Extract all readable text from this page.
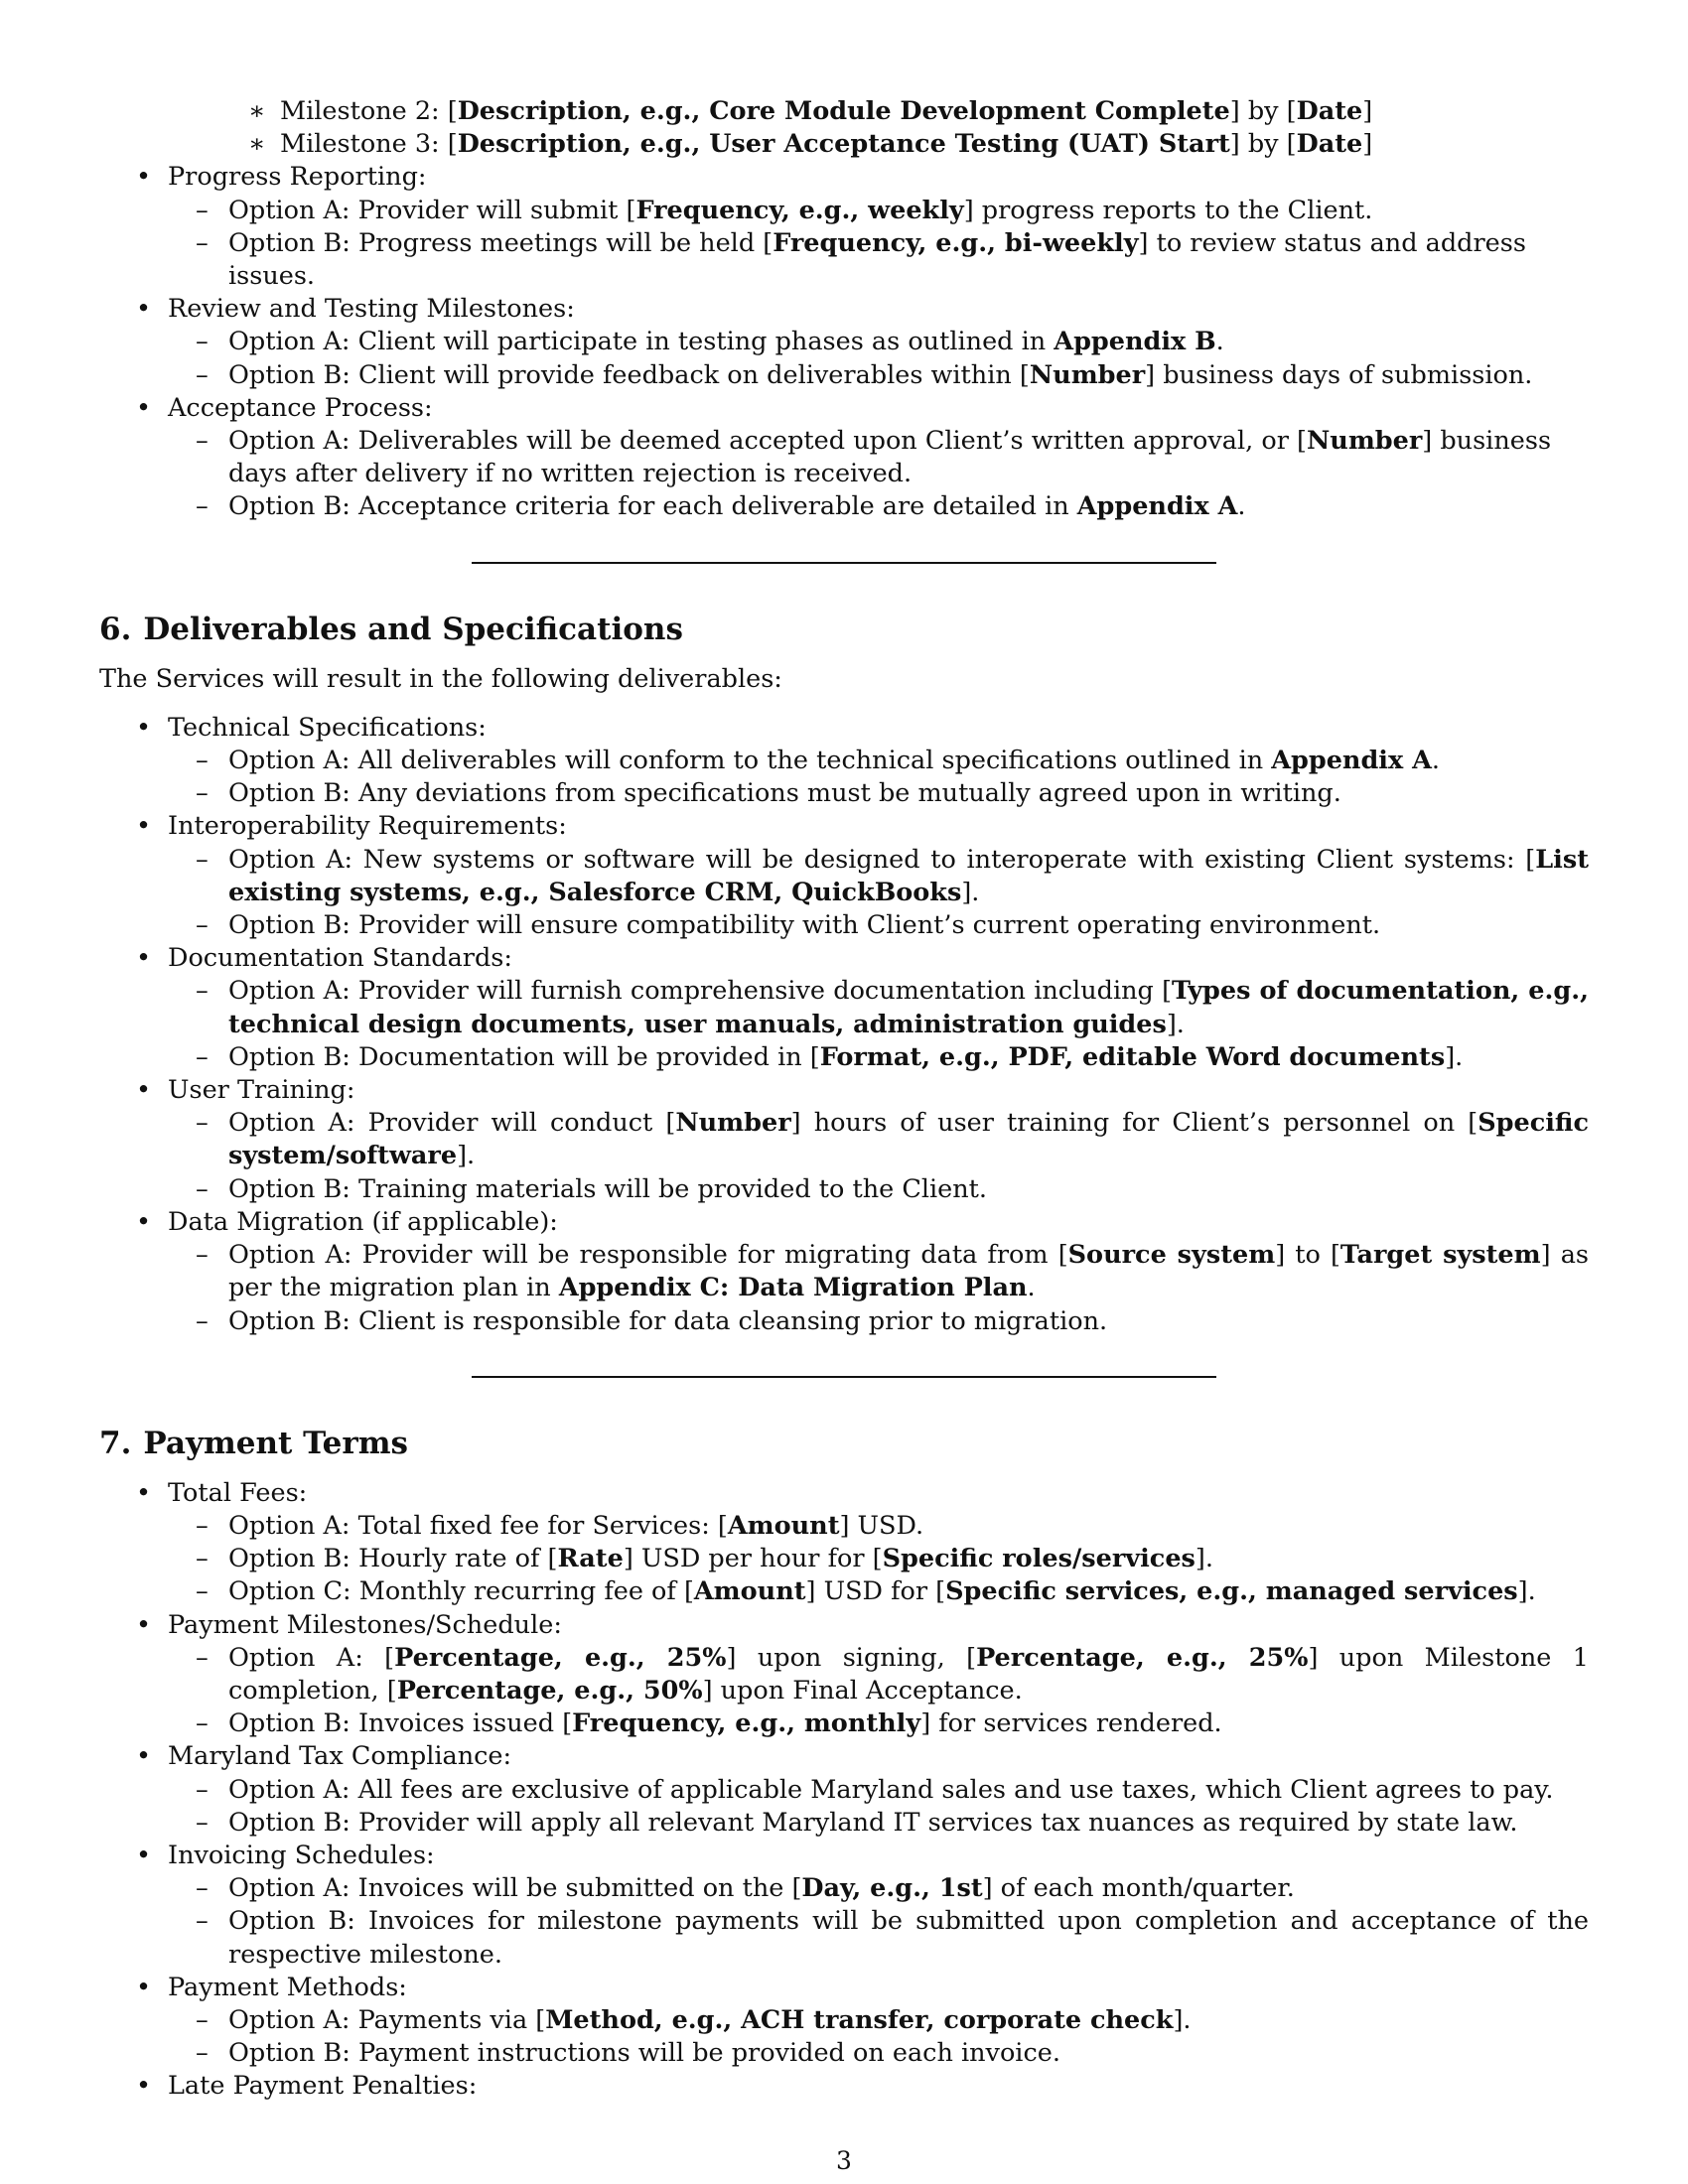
∗ Milestone 2: [Description, e.g., Core Module Development Complete] by [Date]
∗ Milestone 3: [Description, e.g., User Acceptance Testing (UAT) Start] by [Date]
• Progress Reporting:
– Option A: Provider will submit [Frequency, e.g., weekly] progress reports to the Client.
– Option B: Progress meetings will be held [Frequency, e.g., bi-weekly] to review status and address issues.
• Review and Testing Milestones:
– Option A: Client will participate in testing phases as outlined in Appendix B.
– Option B: Client will provide feedback on deliverables within [Number] business days of submission.
• Acceptance Process:
– Option A: Deliverables will be deemed accepted upon Client’s written approval, or [Number] business days after delivery if no written rejection is received.
– Option B: Acceptance criteria for each deliverable are detailed in Appendix A.
6. Deliverables and Specifications
The Services will result in the following deliverables:
• Technical Specifications:
– Option A: All deliverables will conform to the technical specifications outlined in Appendix A.
– Option B: Any deviations from specifications must be mutually agreed upon in writing.
• Interoperability Requirements:
– Option A: New systems or software will be designed to interoperate with existing Client systems: [List existing systems, e.g., Salesforce CRM, QuickBooks].
– Option B: Provider will ensure compatibility with Client’s current operating environment.
• Documentation Standards:
– Option A: Provider will furnish comprehensive documentation including [Types of documentation, e.g., technical design documents, user manuals, administration guides].
– Option B: Documentation will be provided in [Format, e.g., PDF, editable Word documents].
• User Training:
– Option A: Provider will conduct [Number] hours of user training for Client’s personnel on [Specific system/software].
– Option B: Training materials will be provided to the Client.
• Data Migration (if applicable):
– Option A: Provider will be responsible for migrating data from [Source system] to [Target system] as per the migration plan in Appendix C: Data Migration Plan.
– Option B: Client is responsible for data cleansing prior to migration.
7. Payment Terms
• Total Fees:
– Option A: Total fixed fee for Services: [Amount] USD.
– Option B: Hourly rate of [Rate] USD per hour for [Specific roles/services].
– Option C: Monthly recurring fee of [Amount] USD for [Specific services, e.g., managed services].
• Payment Milestones/Schedule:
– Option A: [Percentage, e.g., 25%] upon signing, [Percentage, e.g., 25%] upon Milestone 1 completion, [Percentage, e.g., 50%] upon Final Acceptance.
– Option B: Invoices issued [Frequency, e.g., monthly] for services rendered.
• Maryland Tax Compliance:
– Option A: All fees are exclusive of applicable Maryland sales and use taxes, which Client agrees to pay.
– Option B: Provider will apply all relevant Maryland IT services tax nuances as required by state law.
• Invoicing Schedules:
– Option A: Invoices will be submitted on the [Day, e.g., 1st] of each month/quarter.
– Option B: Invoices for milestone payments will be submitted upon completion and acceptance of the respective milestone.
• Payment Methods:
– Option A: Payments via [Method, e.g., ACH transfer, corporate check].
– Option B: Payment instructions will be provided on each invoice.
• Late Payment Penalties:
3
